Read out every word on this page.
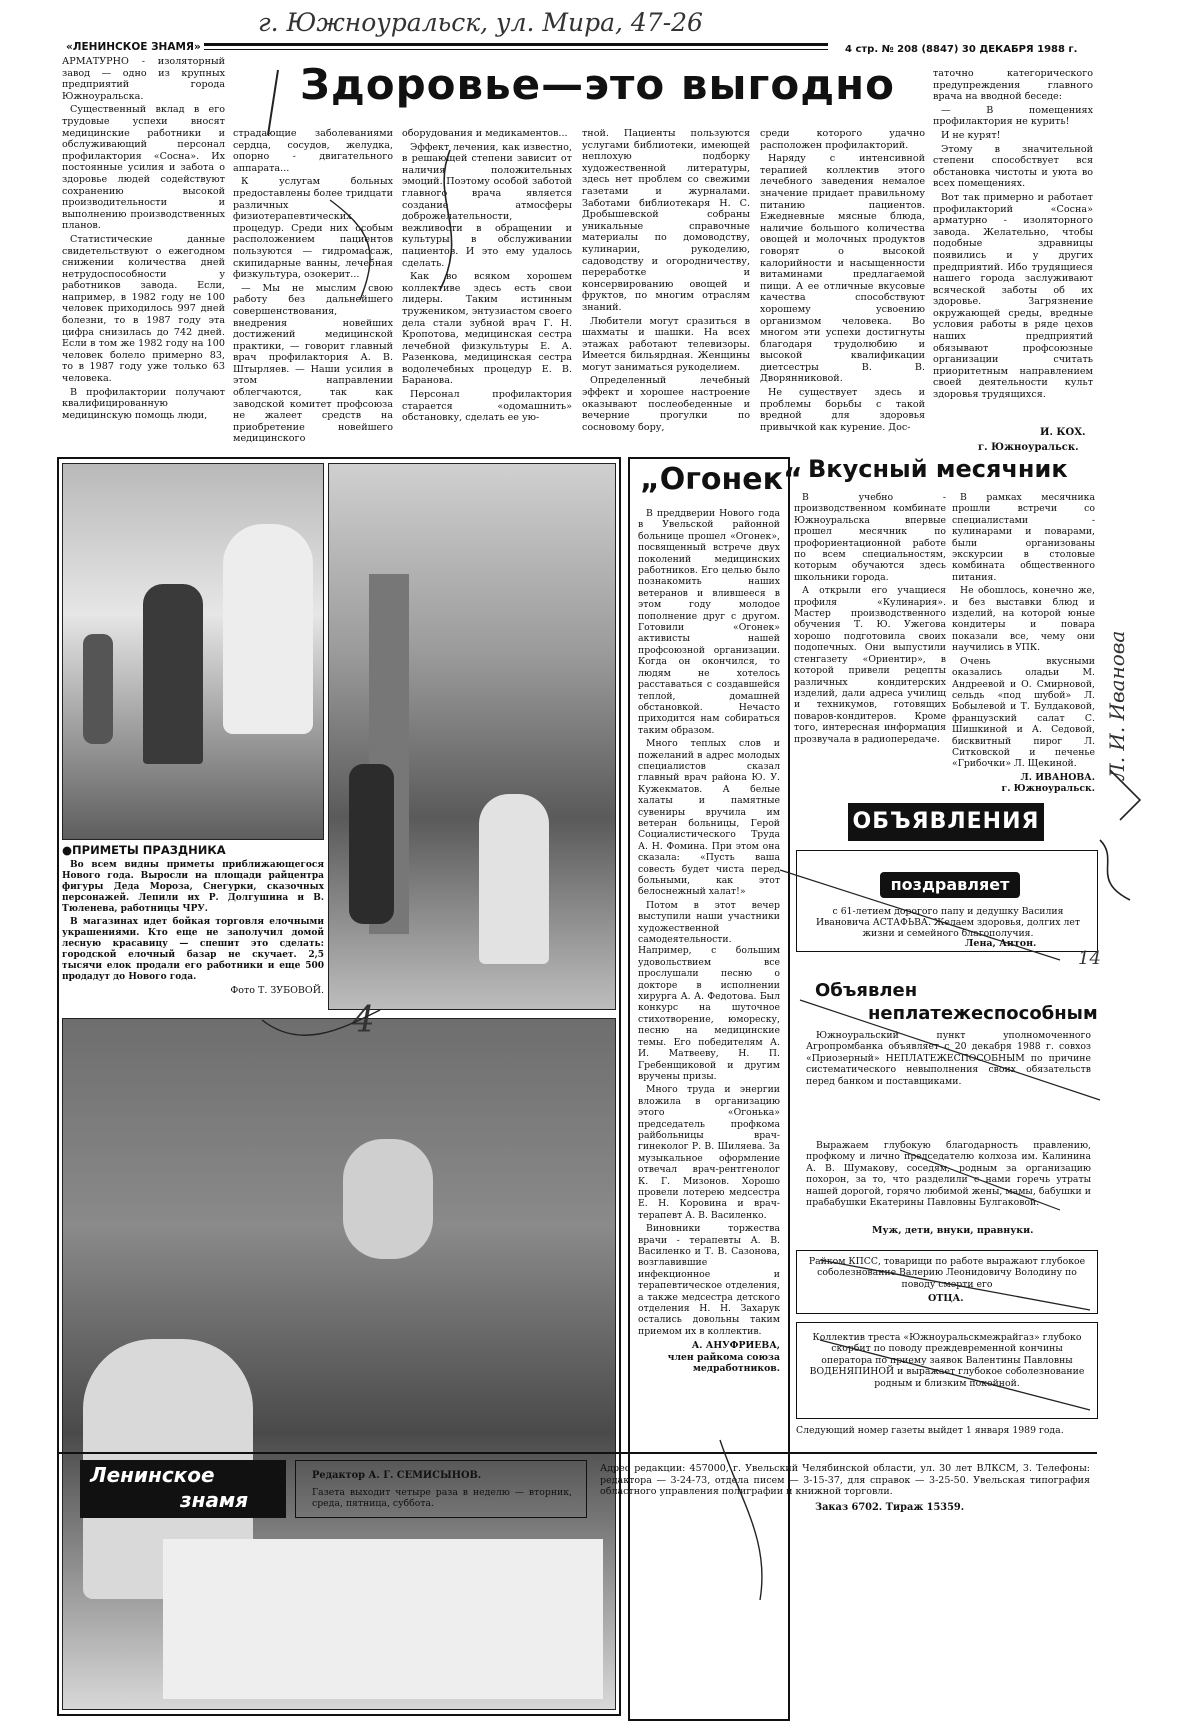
г. Южноуральск, ул. Мира, 47-26
«ЛЕНИНСКОЕ ЗНАМЯ»	4 стр. № 208 (8847) 30 ДЕКАБРЯ 1988 г.
Здоровье—это выгодно

АРМАТУРНО - изоляторный завод — одно из крупных предприятий города Южноуральска.

Существенный вклад в его трудовые успехи вносят медицинские работники и обслуживающий персонал профилактория «Сосна». Их постоянные усилия и забота о здоровье людей содействуют сохранению высокой производительности и выполнению производственных планов.

Статистические данные свидетельствуют о ежегодном снижении количества дней нетрудоспособности у работников завода. Если, например, в 1982 году не 100 человек приходилось 997 дней болезни, то в 1987 году эта цифра снизилась до 742 дней. Если в том же 1982 году на 100 человек болело примерно 83, то в 1987 году уже только 63 человека.

В профилактории получают квалифицированную медицинскую помощь люди,

страдающие заболеваниями сердца, сосудов, желудка, опорно - двигательного аппарата...

К услугам больных предоставлены более тридцати различных физиотерапевтических процедур. Среди них особым расположением пациентов пользуются — гидромассаж, скипидарные ванны, лечебная физкультура, озокерит...

— Мы не мыслим свою работу без дальнейшего совершенствования, внедрения новейших достижений медицинской практики, — говорит главный врач профилактория А. В. Штырляев. — Наши усилия в этом направлении облегчаются, так как заводской комитет профсоюза не жалеет средств на приобретение новейшего медицинского

оборудования и медикаментов...

Эффект лечения, как известно, в решающей степени зависит от наличия положительных эмоций. Поэтому особой заботой главного врача является создание атмосферы доброжелательности, вежливости в обращении и культуры в обслуживании пациентов. И это ему удалось сделать.

Как во всяком хорошем коллективе здесь есть свои лидеры. Таким истинным тружеником, энтузиастом своего дела стали зубной врач Г. Н. Кропотова, медицинская сестра лечебной физкультуры Е. А. Разенкова, медицинская сестра водолечебных процедур Е. В. Баранова.

Персонал профилактория старается «одомашнить» обстановку, сделать ее ую-

тной. Пациенты пользуются услугами библиотеки, имеющей неплохую подборку художественной литературы, здесь нет проблем со свежими газетами и журналами. Заботами библиотекаря Н. С. Дробышевской собраны уникальные справочные материалы по домоводству, кулинарии, рукоделию, садоводству и огородничеству, переработке и консервированию овощей и фруктов, по многим отраслям знаний.

Любители могут сразиться в шахматы и шашки. На всех этажах работают телевизоры. Имеется бильярдная. Женщины могут заниматься рукоделием.

Определенный лечебный эффект и хорошее настроение оказывают послеобеденные и вечерние прогулки по сосновому бору,

среди которого удачно расположен профилакторий.

Наряду с интенсивной терапией коллектив этого лечебного заведения немалое значение придает правильному питанию пациентов. Ежедневные мясные блюда, наличие большого количества овощей и молочных продуктов говорят о высокой калорийности и насыщенности витаминами предлагаемой пищи. А ее отличные вкусовые качества способствуют хорошему усвоению организмом человека. Во многом эти успехи достигнуты благодаря трудолюбию и высокой квалификации диетсестры В. В. Дворянниковой.

Не существует здесь и проблемы борьбы с такой вредной для здоровья привычкой как курение. Дос-

таточно категорического предупреждения главного врача на вводной беседе:

— В помещениях профилактория не курить!

И не курят!

Этому в значительной степени способствует вся обстановка чистоты и уюта во всех помещениях.

Вот так примерно и работает профилакторий «Сосна» арматурно - изоляторного завода. Желательно, чтобы подобные здравницы появились и у других предприятий. Ибо трудящиеся нашего города заслуживают всяческой заботы об их здоровье. Загрязнение окружающей среды, вредные условия работы в ряде цехов наших предприятий обязывают профсоюзные организации считать приоритетным направлением своей деятельности культ здоровья трудящихся.

И. КОХ.
г. Южноуральск.
●ПРИМЕТЫ ПРАЗДНИКА

Во всем видны приметы приближающегося Нового года. Выросли на площади райцентра фигуры Деда Мороза, Снегурки, сказочных персонажей. Лепили их Р. Долгушина и В. Тюленева, работницы ЧРУ.

В магазинах идет бойкая торговля елочными украшениями. Кто еще не заполучил домой лесную красавицу — спешит это сделать: городской елочный базар не скучает. 2,5 тысячи елок продали его работники и еще 500 продадут до Нового года.

Фото Т. ЗУБОВОЙ.
„Огонек“

В преддверии Нового года в Увельской районной больнице прошел «Огонек», посвященный встрече двух поколений медицинских работников. Его целью было познакомить наших ветеранов и влившееся в этом году молодое пополнение друг с другом. Готовили «Огонек» активисты нашей профсоюзной организации. Когда он окончился, то людям не хотелось расставаться с создавшейся теплой, домашней обстановкой. Нечасто приходится нам собираться таким образом.

Много теплых слов и пожеланий в адрес молодых специалистов сказал главный врач района Ю. У. Кужекматов. А белые халаты и памятные сувениры вручила им ветеран больницы, Герой Социалистического Труда А. Н. Фомина. При этом она сказала: «Пусть ваша совесть будет чиста перед больными, как этот белоснежный халат!»

Потом в этот вечер выступили наши участники художественной самодеятельности. Например, с большим удовольствием все прослушали песню о докторе в исполнении хирурга А. А. Федотова. Был конкурс на шуточное стихотворение, юмореску, песню на медицинские темы. Его победителям А. И. Матвееву, Н. П. Гребенщиковой и другим вручены призы.

Много труда и энергии вложила в организацию этого «Огонька» председатель профкома райбольницы врач-гинеколог Р. В. Шиляева. За музыкальное оформление отвечал врач-рентгенолог К. Г. Мизонов. Хорошо провели лотерею медсестра Е. Н. Коровина и врач-терапевт А. В. Василенко.

Виновники торжества врачи - терапевты А. В. Василенко и Т. В. Сазонова, возглавившие инфекционное и терапевтическое отделения, а также медсестра детского отделения Н. Н. Захарук остались довольны таким приемом их в коллектив.

А. АНУФРИЕВА,
член райкома союза медработников.
Вкусный месячник

В учебно - производственном комбинате Южноуральска впервые прошел месячник по профориентационной работе по всем специальностям, которым обучаются здесь школьники города.

А открыли его учащиеся профиля «Кулинария». Мастер производственного обучения Т. Ю. Ужегова хорошо подготовила своих подопечных. Они выпустили стенгазету «Ориентир», в которой привели рецепты различных кондитерских изделий, дали адреса училищ и техникумов, готовящих поваров-кондитеров. Кроме того, интересная информация прозвучала в радиопередаче.

В рамках месячника прошли встречи со специалистами - кулинарами и поварами, были организованы экскурсии в столовые комбината общественного питания.

Не обошлось, конечно же, и без выставки блюд и изделий, на которой юные кондитеры и повара показали все, чему они научились в УПК.

Очень вкусными оказались оладьи М. Андреевой и О. Смирновой, сельдь «под шубой» Л. Бобылевой и Т. Булдаковой, французский салат С. Шишкиной и А. Седовой, бисквитный пирог Л. Ситковской и печенье «Грибочки» Л. Щекиной.

Л. ИВАНОВА.
г. Южноуральск.
ОБЪЯВЛЕНИЯ
поздравляет
с 61-летием дорогого папу и дедушку Василия Ивановича АСТАФЬВА. Желаем здоровья, долгих лет жизни и семейного благополучия.
Лена, Антон.
Объявлен
неплатежеспособным
Южноуральский пункт уполномоченного Агропромбанка объявляет с 20 декабря 1988 г. совхоз «Приозерный» НЕПЛАТЕЖЕСПОСОБНЫМ по причине систематического невыполнения своих обязательств перед банком и поставщиками.
Выражаем глубокую благодарность правлению, профкому и лично председателю колхоза им. Калинина А. В. Шумакову, соседям, родным за организацию похорон, за то, что разделили с нами горечь утраты нашей дорогой, горячо любимой жены, мамы, бабушки и прабабушки Екатерины Павловны Булгаковой.
Муж, дети, внуки, правнуки.
Райком КПСС, товарищи по работе выражают глубокое соболезнование Валерию Леонидовичу Володину по поводу смерти его
ОТЦА.
Коллектив треста «Южноуральскмежрайгаз» глубоко скорбит по поводу преждевременной кончины оператора по приему заявок Валентины Павловны ВОДЕНЯПИНОЙ и выражает глубокое соболезнование родным и близким покойной.
Следующий номер газеты выйдет 1 января 1989 года.
Ленинское
знамя
Редактор А. Г. СЕМИСЫНОВ.
Газета выходит четыре раза в неделю — вторник, среда, пятница, суббота.
Адрес редакции: 457000, г. Увельский Челябинской области, ул. 30 лет ВЛКСМ, 3. Телефоны: редактора — 3-24-73, отдела писем — 3-15-37, для справок — 3-25-50. Увельская типография областного управления полиграфии и книжной торговли.
Заказ 6702. Тираж 15359.
Л. И. Иванова
4
14
